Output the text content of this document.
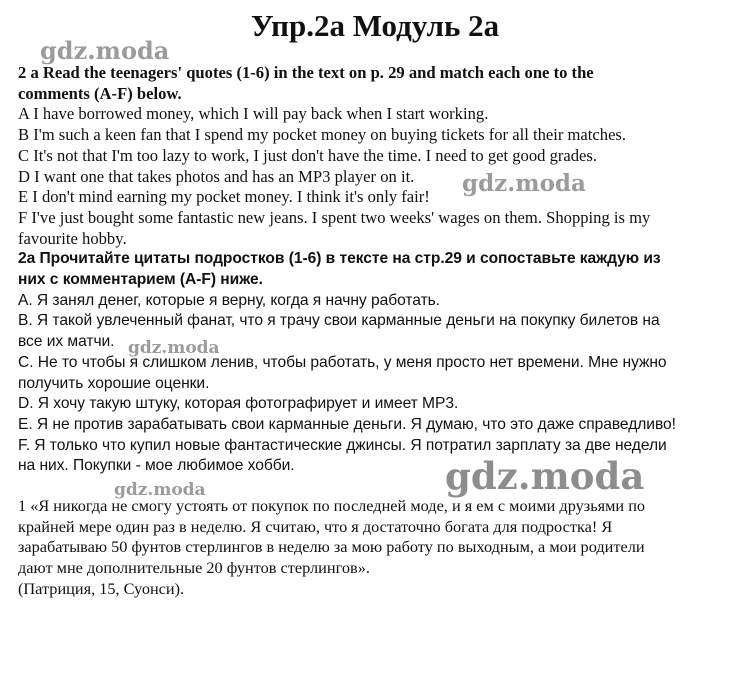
Упр.2а Модуль 2а
gdz.moda
gdz.moda
gdz.moda
gdz.moda
gdz.moda

2 a Read the teenagers' quotes (1-6) in the text on p. 29 and match each one to the

comments (A-F) below.

A I have borrowed money, which I will pay back when I start working.

B I'm such a keen fan that I spend my pocket money on buying tickets for all their matches.

C It's not that I'm too lazy to work, I just don't have the time. I need to get good grades.

D I want one that takes photos and has an MP3 player on it.

E I don't mind earning my pocket money. I think it's only fair!

F I've just bought some fantastic new jeans. I spent two weeks' wages on them. Shopping is my

favourite hobby.

2a Прочитайте цитаты подростков (1-6) в тексте на стр.29 и сопоставьте каждую из

них с комментарием (A-F) ниже.

А. Я занял денег, которые я верну, когда я начну работать.

В. Я такой увлеченный фанат, что я трачу свои карманные деньги на покупку билетов на

все их матчи.

С. Не то чтобы я слишком ленив, чтобы работать, у меня просто нет времени. Мне нужно

получить хорошие оценки.

D. Я хочу такую штуку, которая фотографирует и имеет MP3.

Е. Я не против зарабатывать свои карманные деньги. Я думаю, что это даже справедливо!

F. Я только что купил новые фантастические джинсы. Я потратил зарплату за две недели

на них. Покупки - мое любимое хобби.

1 «Я никогда не смогу устоять от покупок по последней моде, и я ем с моими друзьями по

крайней мере один раз в неделю. Я считаю, что я достаточно богата для подростка! Я

зарабатываю 50 фунтов стерлингов в неделю за мою работу по выходным, а мои родители

дают мне дополнительные 20 фунтов стерлингов».

(Патриция, 15, Суонси).
